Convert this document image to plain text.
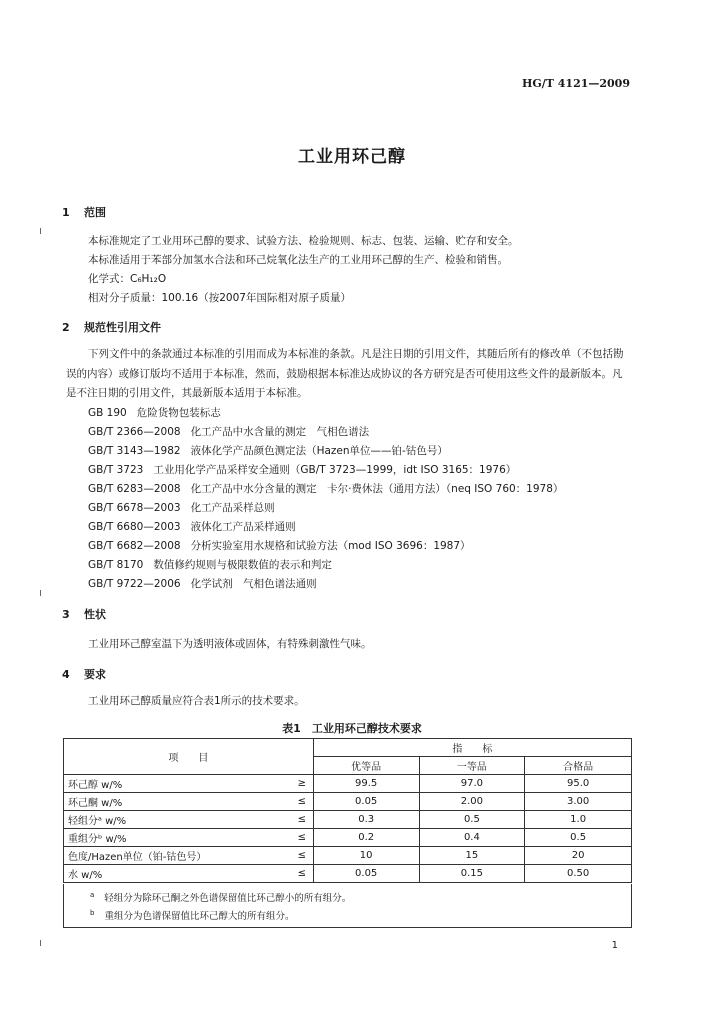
HG/T 4121—2009
工业用环己醇
1 范围
本标准规定了工业用环己醇的要求、试验方法、检验规则、标志、包装、运输、贮存和安全。
本标准适用于苯部分加氢水合法和环己烷氧化法生产的工业用环己醇的生产、检验和销售。
化学式：C₆H₁₂O
相对分子质量：100.16（按2007年国际相对原子质量）
2 规范性引用文件
下列文件中的条款通过本标准的引用而成为本标准的条款。凡是注日期的引用文件，其随后所有的修改单（不包括勘误的内容）或修订版均不适用于本标准，然而，鼓励根据本标准达成协议的各方研究是否可使用这些文件的最新版本。凡是不注日期的引用文件，其最新版本适用于本标准。
GB 190 危险货物包装标志
GB/T 2366—2008 化工产品中水含量的测定　气相色谱法
GB/T 3143—1982 液体化学产品颜色测定法（Hazen单位——铂-钴色号）
GB/T 3723 工业用化学产品采样安全通则（GB/T 3723—1999，idt ISO 3165：1976）
GB/T 6283—2008 化工产品中水分含量的测定　卡尔·费休法（通用方法）（neq ISO 760：1978）
GB/T 6678—2003 化工产品采样总则
GB/T 6680—2003 液体化工产品采样通则
GB/T 6682—2008 分析实验室用水规格和试验方法（mod ISO 3696：1987）
GB/T 8170 数值修约规则与极限数值的表示和判定
GB/T 9722—2006 化学试剂　气相色谱法通则
3 性状
工业用环己醇室温下为透明液体或固体，有特殊刺激性气味。
4 要求
工业用环己醇质量应符合表1所示的技术要求。
表1　工业用环己醇技术要求
项　　目		指　　标		
		优等品	一等品	合格品
环己醇 w/%	≥	99.5	97.0	95.0
环己酮 w/%	≤	0.05	2.00	3.00
轻组分ᵃ w/%	≤	0.3	0.5	1.0
重组分ᵇ w/%	≤	0.2	0.4	0.5
色度/Hazen单位（铂-钴色号）	≤	10	15	20
水 w/%	≤	0.05	0.15	0.50
$^a$ 轻组分为除环己酮之外色谱保留值比环己醇小的所有组分。
$^b$ 重组分为色谱保留值比环己醇大的所有组分。
1
